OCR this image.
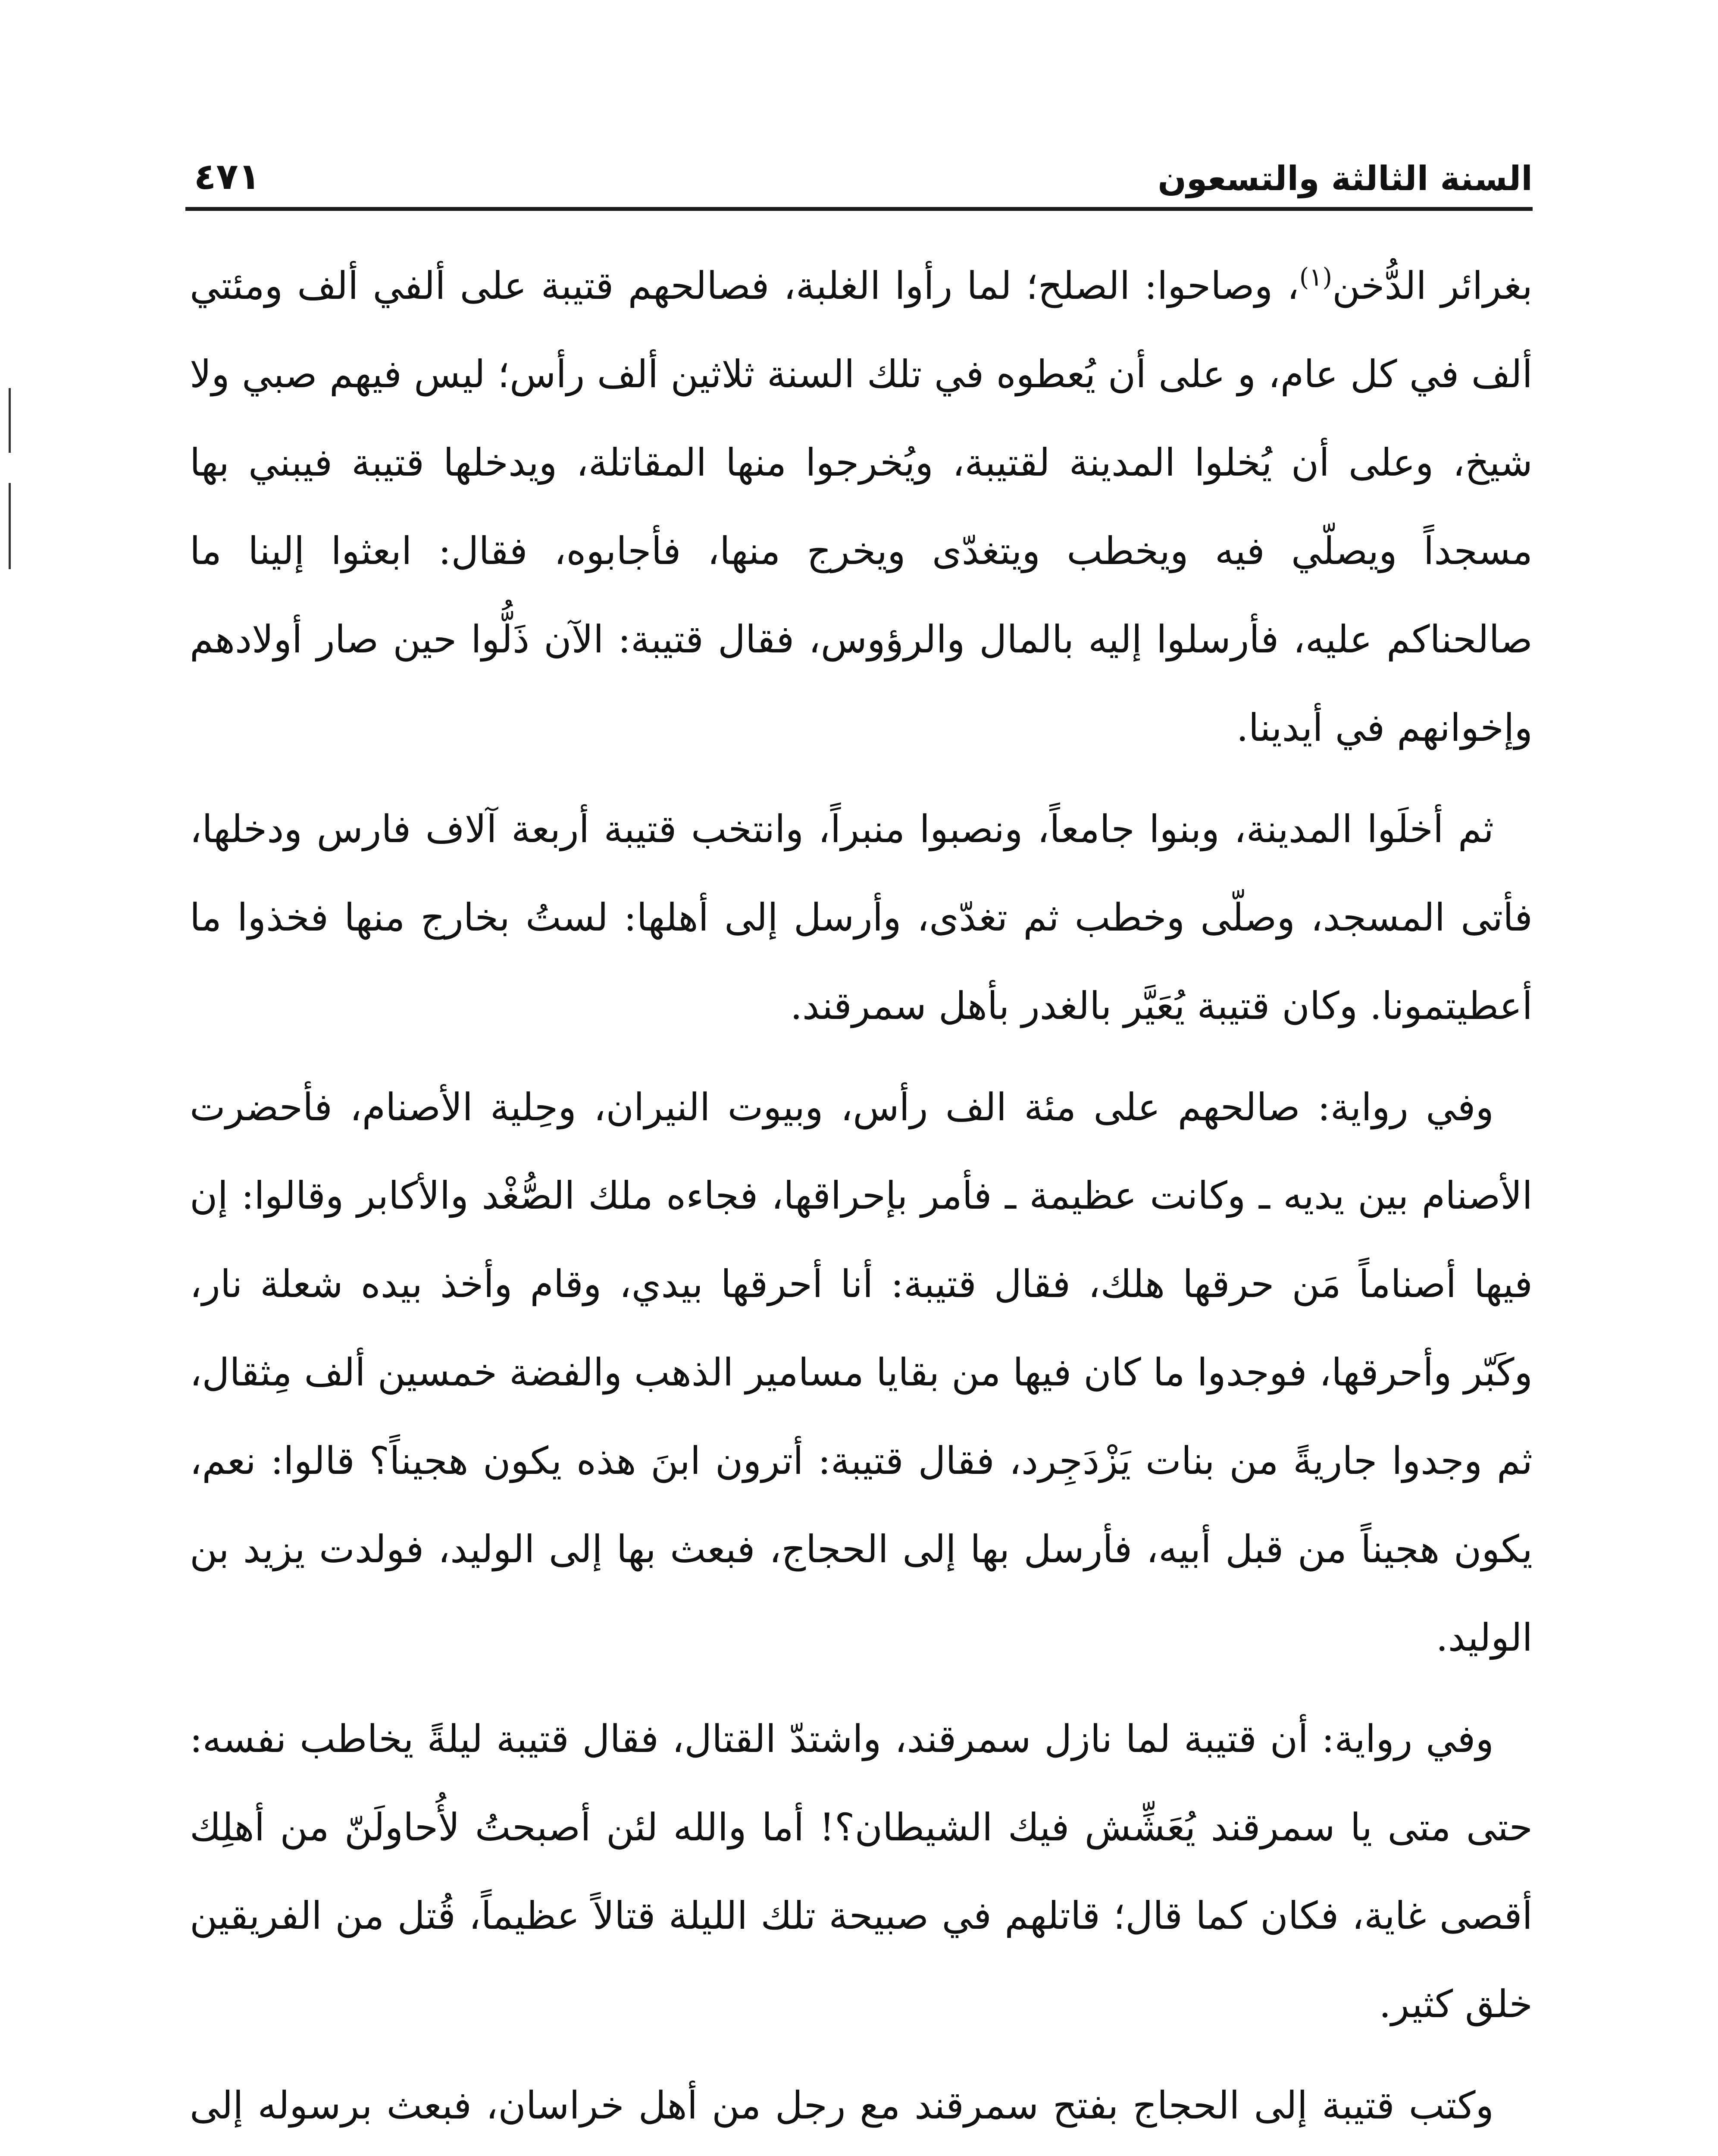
السنة الثالثة والتسعون
٤٧١

بغرائر الدُّخن$^{(١)}$، وصاحوا: الصلح؛ لما رأوا الغلبة، فصالحهم قتيبة على ألفي ألف ومئتي ألف في كل عام، و على أن يُعطوه في تلك السنة ثلاثين ألف رأس؛ ليس فيهم صبي ولا شيخ، وعلى أن يُخلوا المدينة لقتيبة، ويُخرجوا منها المقاتلة، ويدخلها قتيبة فيبني بها مسجداً ويصلّي فيه ويخطب ويتغدّى ويخرج منها، فأجابوه، فقال: ابعثوا إلينا ما صالحناكم عليه، فأرسلوا إليه بالمال والرؤوس، فقال قتيبة: الآن ذَلُّوا حين صار أولادهم وإخوانهم في أيدينا.

ثم أخلَوا المدينة، وبنوا جامعاً، ونصبوا منبراً، وانتخب قتيبة أربعة آلاف فارس ودخلها، فأتى المسجد، وصلّى وخطب ثم تغدّى، وأرسل إلى أهلها: لستُ بخارج منها فخذوا ما أعطيتمونا. وكان قتيبة يُعَيَّر بالغدر بأهل سمرقند.

وفي رواية: صالحهم على مئة الف رأس، وبيوت النيران، وحِلية الأصنام، فأحضرت الأصنام بين يديه ـ وكانت عظيمة ـ فأمر بإحراقها، فجاءه ملك الصُّغْد والأكابر وقالوا: إن فيها أصناماً مَن حرقها هلك، فقال قتيبة: أنا أحرقها بيدي، وقام وأخذ بيده شعلة نار، وكَبّر وأحرقها، فوجدوا ما كان فيها من بقايا مسامير الذهب والفضة خمسين ألف مِثقال، ثم وجدوا جاريةً من بنات يَزْدَجِرد، فقال قتيبة: أترون ابنَ هذه يكون هجيناً؟ قالوا: نعم، يكون هجيناً من قبل أبيه، فأرسل بها إلى الحجاج، فبعث بها إلى الوليد، فولدت يزيد بن الوليد.

وفي رواية: أن قتيبة لما نازل سمرقند، واشتدّ القتال، فقال قتيبة ليلةً يخاطب نفسه: حتى متى يا سمرقند يُعَشِّش فيك الشيطان؟! أما والله لئن أصبحتُ لأُحاولَنّ من أهلِك أقصى غاية، فكان كما قال؛ قاتلهم في صبيحة تلك الليلة قتالاً عظيماً، قُتل من الفريقين خلق كثير.

وكتب قتيبة إلى الحجاج بفتح سمرقند مع رجل من أهل خراسان، فبعث برسوله إلى
